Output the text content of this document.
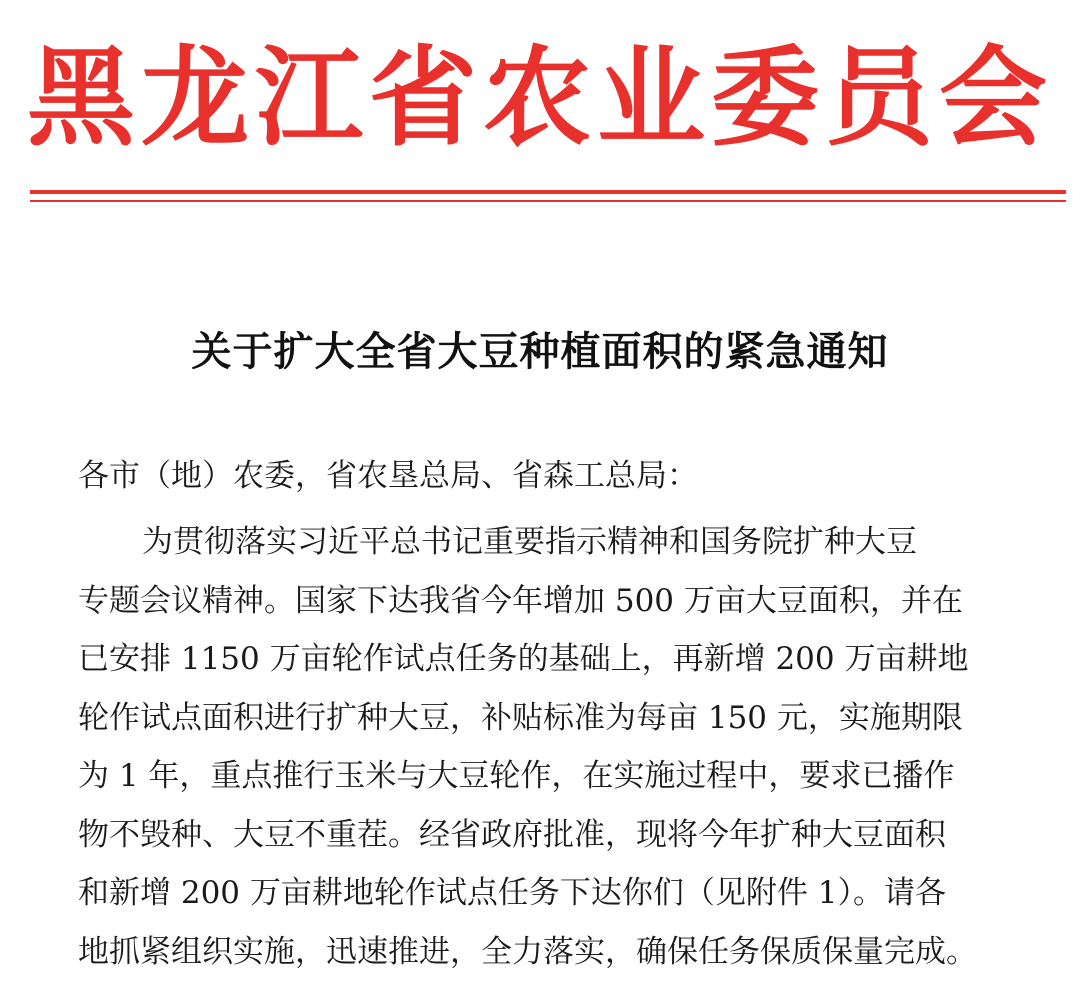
黑龙江省农业委员会
关于扩大全省大豆种植面积的紧急通知
各市（地）农委，省农垦总局、省森工总局：
为贯彻落实习近平总书记重要指示精神和国务院扩种大豆
专题会议精神。国家下达我省今年增加 500 万亩大豆面积，并在
已安排 1150 万亩轮作试点任务的基础上，再新增 200 万亩耕地
轮作试点面积进行扩种大豆，补贴标准为每亩 150 元，实施期限
为 1 年，重点推行玉米与大豆轮作，在实施过程中，要求已播作
物不毁种、大豆不重茬。经省政府批准，现将今年扩种大豆面积
和新增 200 万亩耕地轮作试点任务下达你们（见附件 1）。请各
地抓紧组织实施，迅速推进，全力落实，确保任务保质保量完成。
